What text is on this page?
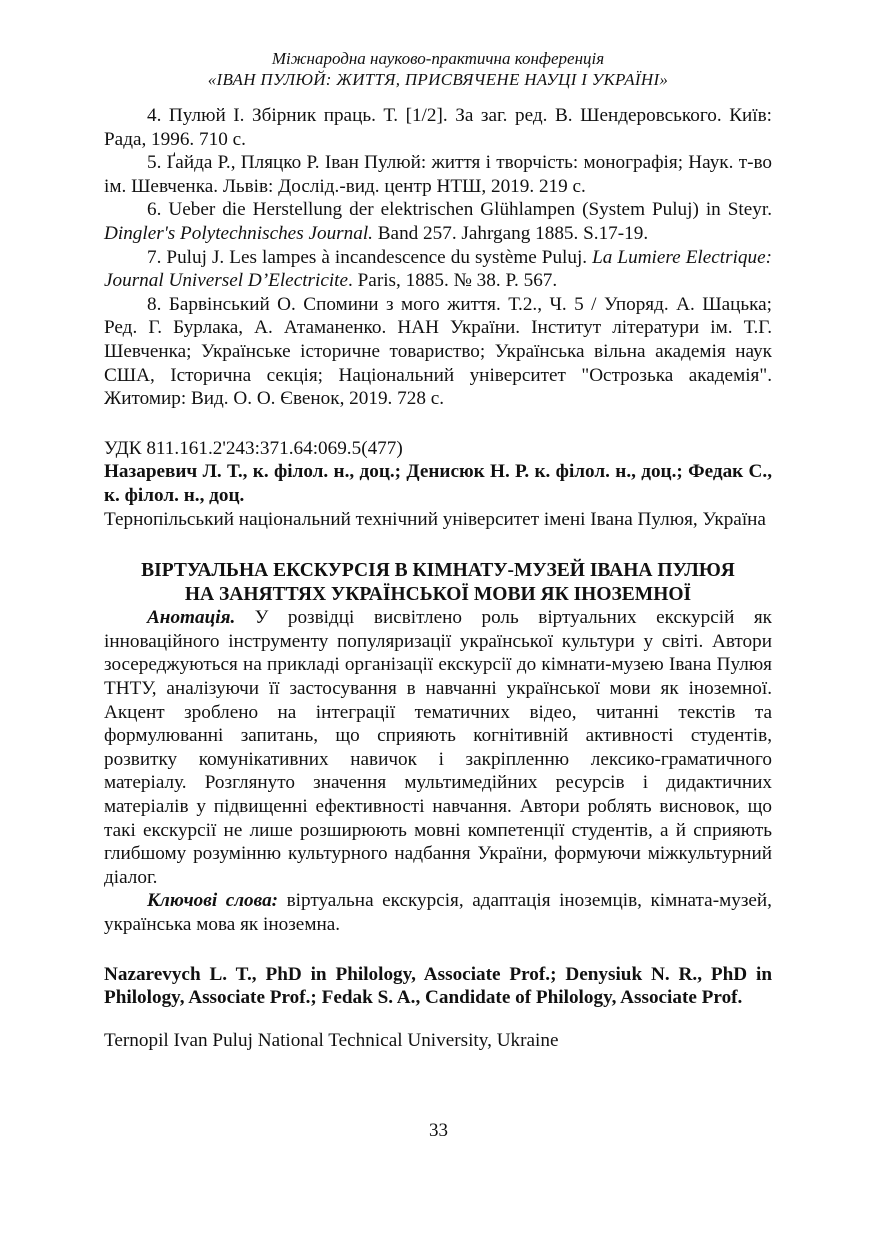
Міжнародна науково-практична конференція
«ІВАН ПУЛЮЙ: ЖИТТЯ, ПРИСВЯЧЕНЕ НАУЦІ І УКРАЇНІ»

4. Пулюй І. Збірник праць. Т. [1/2]. За заг. ред. В. Шендеровського. Київ: Рада, 1996. 710 с.

5. Ґайда Р., Пляцко Р. Іван Пулюй: життя і творчість: монографія; Наук. т-во ім. Шевченка. Львів: Дослід.-вид. центр НТШ, 2019. 219 с.

6. Ueber die Herstellung der elektrischen Glühlampen (System Puluj) in Steyr. Dingler's Polytechnisches Journal. Band 257. Jahrgang 1885. S.17-19.

7. Puluj J. Les lampes à incandescence du système Puluj. La Lumiere Electrique: Journal Universel D’Electricite. Paris, 1885. № 38. P. 567.

8. Барвінський О. Спомини з мого життя. Т.2., Ч. 5 / Упоряд. А. Шацька; Ред. Г. Бурлака, А. Атаманенко. НАН України. Інститут літератури ім. Т.Г. Шевченка; Українське історичне товариство; Українська вільна академія наук США, Історична секція; Національний університет "Острозька академія". Житомир: Вид. О. О. Євенок, 2019. 728 с.

УДК 811.161.2'243:371.64:069.5(477)

Назаревич Л. Т., к. філол. н., доц.; Денисюк Н. Р. к. філол. н., доц.; Федак С., к. філол. н., доц.

Тернопільський національний технічний університет імені Івана Пулюя, Україна

ВІРТУАЛЬНА ЕКСКУРСІЯ В КІМНАТУ-МУЗЕЙ ІВАНА ПУЛЮЯ
НА ЗАНЯТТЯХ УКРАЇНСЬКОЇ МОВИ ЯК ІНОЗЕМНОЇ

Анотація. У розвідці висвітлено роль віртуальних екскурсій як інноваційного інструменту популяризації української культури у світі. Автори зосереджуються на прикладі організації екскурсії до кімнати-музею Івана Пулюя ТНТУ, аналізуючи її застосування в навчанні української мови як іноземної. Акцент зроблено на інтеграції тематичних відео, читанні текстів та формулюванні запитань, що сприяють когнітивній активності студентів, розвитку комунікативних навичок і закріпленню лексико-граматичного матеріалу. Розглянуто значення мультимедійних ресурсів і дидактичних матеріалів у підвищенні ефективності навчання. Автори роблять висновок, що такі екскурсії не лише розширюють мовні компетенції студентів, а й сприяють глибшому розумінню культурного надбання України, формуючи міжкультурний діалог.

Ключові слова: віртуальна екскурсія, адаптація іноземців, кімната-музей, українська мова як іноземна.

Nazarevych L. T., PhD in Philology, Associate Prof.; Denysiuk N. R., PhD in Philology, Associate Prof.; Fedak S. A., Candidate of Philology, Associate Prof.

Ternopil Ivan Puluj National Technical University, Ukraine

33
